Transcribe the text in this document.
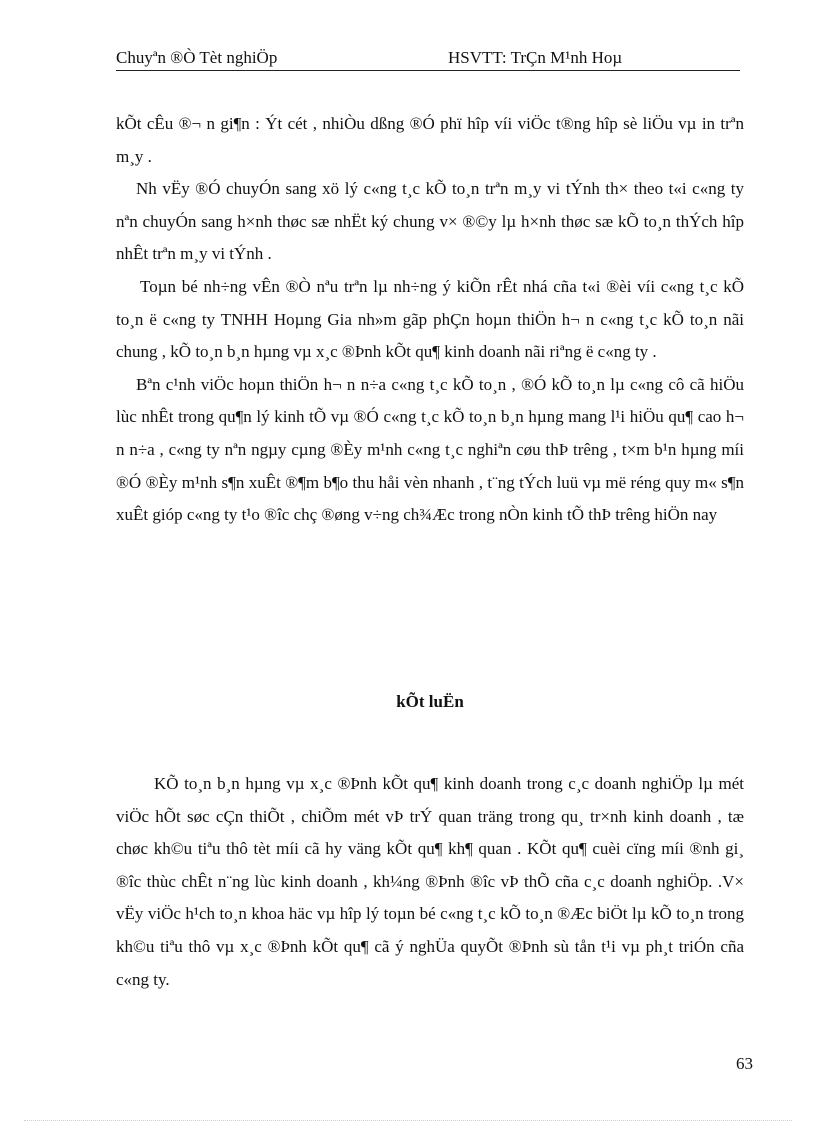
Chuyªn ®Ò Tèt nghiÖp	HSVTT: TrÇn M¹nh Hoµ

kÕt cÊu ®¬ n gi¶n : Ýt cét , nhiÒu dßng ®Ó phï hîp víi viÖc t®ng hîp sè liÖu vµ in trªn m¸y .

Nh vËy ®Ó chuyÓn sang xö lý c«ng t¸c kÕ to¸n trªn m¸y vi tÝnh th× theo t«i c«ng ty nªn chuyÓn sang h×nh thøc sæ nhËt ký chung v× ®©y lµ h×nh thøc sæ kÕ to¸n thÝch hîp nhÊt trªn m¸y vi tÝnh .

Toµn bé nh÷ng vÊn ®Ò nªu trªn lµ nh÷ng ý kiÕn rÊt nhá cña t«i ®èi víi c«ng t¸c kÕ to¸n ë c«ng ty TNHH Hoµng Gia nh»m gãp phÇn hoµn thiÖn h¬ n c«ng t¸c kÕ to¸n nãi chung , kÕ to¸n b¸n hµng vµ x¸c ®Þnh kÕt qu¶ kinh doanh nãi riªng ë c«ng ty .

Bªn c¹nh viÖc hoµn thiÖn h¬ n n÷a c«ng t¸c kÕ to¸n , ®Ó kÕ to¸n lµ c«ng cô cã hiÖu lùc nhÊt trong qu¶n lý kinh tÕ vµ ®Ó c«ng t¸c kÕ to¸n b¸n hµng mang l¹i hiÖu qu¶ cao h¬ n n÷a , c«ng ty nªn ngµy cµng ®Èy m¹nh c«ng t¸c nghiªn cøu thÞ trêng , t×m b¹n hµng míi ®Ó ®Èy m¹nh s¶n xuÊt ®¶m b¶o thu håi vèn nhanh , t¨ng tÝch luü vµ më réng quy m« s¶n xuÊt gióp c«ng ty t¹o ®îc chç ®øng v÷ng ch¾Æc trong nÒn kinh tÕ thÞ trêng hiÖn nay

kÕt luËn

KÕ to¸n b¸n hµng vµ x¸c ®Þnh kÕt qu¶ kinh doanh trong c¸c doanh nghiÖp lµ mét viÖc hÕt søc cÇn thiÕt , chiÕm mét vÞ trÝ quan träng trong qu¸ tr×nh kinh doanh , tæ chøc kh©u tiªu thô tèt míi cã hy väng kÕt qu¶ kh¶ quan . KÕt qu¶ cuèi cïng míi ®nh gi¸ ®îc thùc chÊt n¨ng lùc kinh doanh , kh¼ng ®Þnh ®îc vÞ thÕ cña c¸c doanh nghiÖp. .V× vËy viÖc h¹ch to¸n khoa häc vµ hîp lý toµn bé c«ng t¸c kÕ to¸n ®Æc biÖt lµ kÕ to¸n trong kh©u tiªu thô vµ x¸c ®Þnh kÕt qu¶ cã ý nghÜa quyÕt ®Þnh sù tån t¹i vµ ph¸t triÓn cña c«ng ty.

63
